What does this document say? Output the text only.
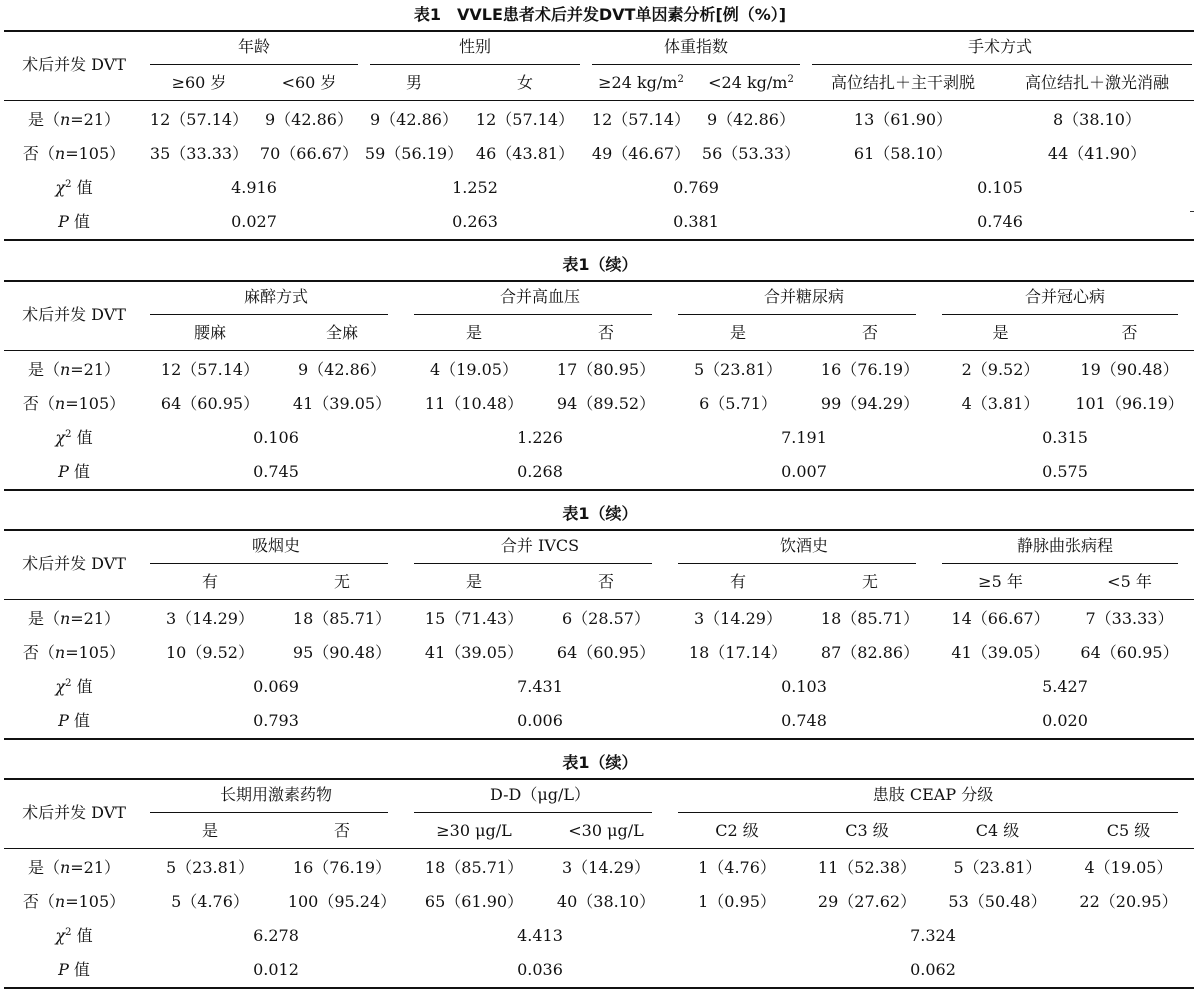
表1　VVLE患者术后并发DVT单因素分析[例（%）]
术后并发 DVT
年龄	性别	体重指数	手术方式
≥60 岁	<60 岁	男	女	≥24 $kg/m^2$	<24 $kg/m^2$	高位结扎＋主干剥脱	高位结扎＋激光消融
是（n=21）	12（57.14）	9（42.86）	9（42.86）	12（57.14）	12（57.14）	9（42.86）	13（61.90）	8（38.10）
否（n=105）	35（33.33） 70（66.67） 59（56.19） 46（43.81）	49（46.67） 56（53.33）	61（58.10）	44（41.90）
$\chi^2$ 值	4.916	1.252	0.769	0.105
P 值	0.027	0.263	0.381	0.746
表1（续）
术后并发 DVT
麻醉方式	合并高血压	合并糖尿病	合并冠心病
腰麻	全麻	是	否	是	否	是	否
是（n=21）	12（57.14）	9（42.86）	4（19.05）	17（80.95）	5（23.81）	16（76.19）	2（9.52）	19（90.48）
否（n=105）	64（60.95）	41（39.05）	11（10.48）	94（89.52）	6（5.71）	99（94.29）	4（3.81）	101（96.19）
$\chi^2$ 值	0.106	1.226	7.191	0.315
P 值	0.745	0.268	0.007	0.575
表1（续）
术后并发 DVT
吸烟史	合并 IVCS	饮酒史	静脉曲张病程
有	无	是	否	有	无	≥5 年	<5 年
是（n=21）	3（14.29）	18（85.71）	15（71.43）	6（28.57）	3（14.29）	18（85.71）	14（66.67）	7（33.33）
否（n=105）	10（9.52）	95（90.48）	41（39.05）	64（60.95）	18（17.14）	87（82.86）	41（39.05）	64（60.95）
$\chi^2$ 值	0.069	7.431	0.103	5.427
P 值	0.793	0.006	0.748	0.020
表1（续）
术后并发 DVT
长期用激素药物	D-D（μg/L）	患肢 CEAP 分级
是	否	≥30 μg/L	<30 μg/L	C2 级	C3 级	C4 级	C5 级
是（n=21）	5（23.81）	16（76.19）	18（85.71）	3（14.29）	1（4.76）	11（52.38）	5（23.81）	4（19.05）
否（n=105）	5（4.76）	100（95.24）	65（61.90）	40（38.10）	1（0.95）	29（27.62）	53（50.48）	22（20.95）
$\chi^2$ 值	6.278	4.413	7.324
P 值	0.012	0.036	0.062
